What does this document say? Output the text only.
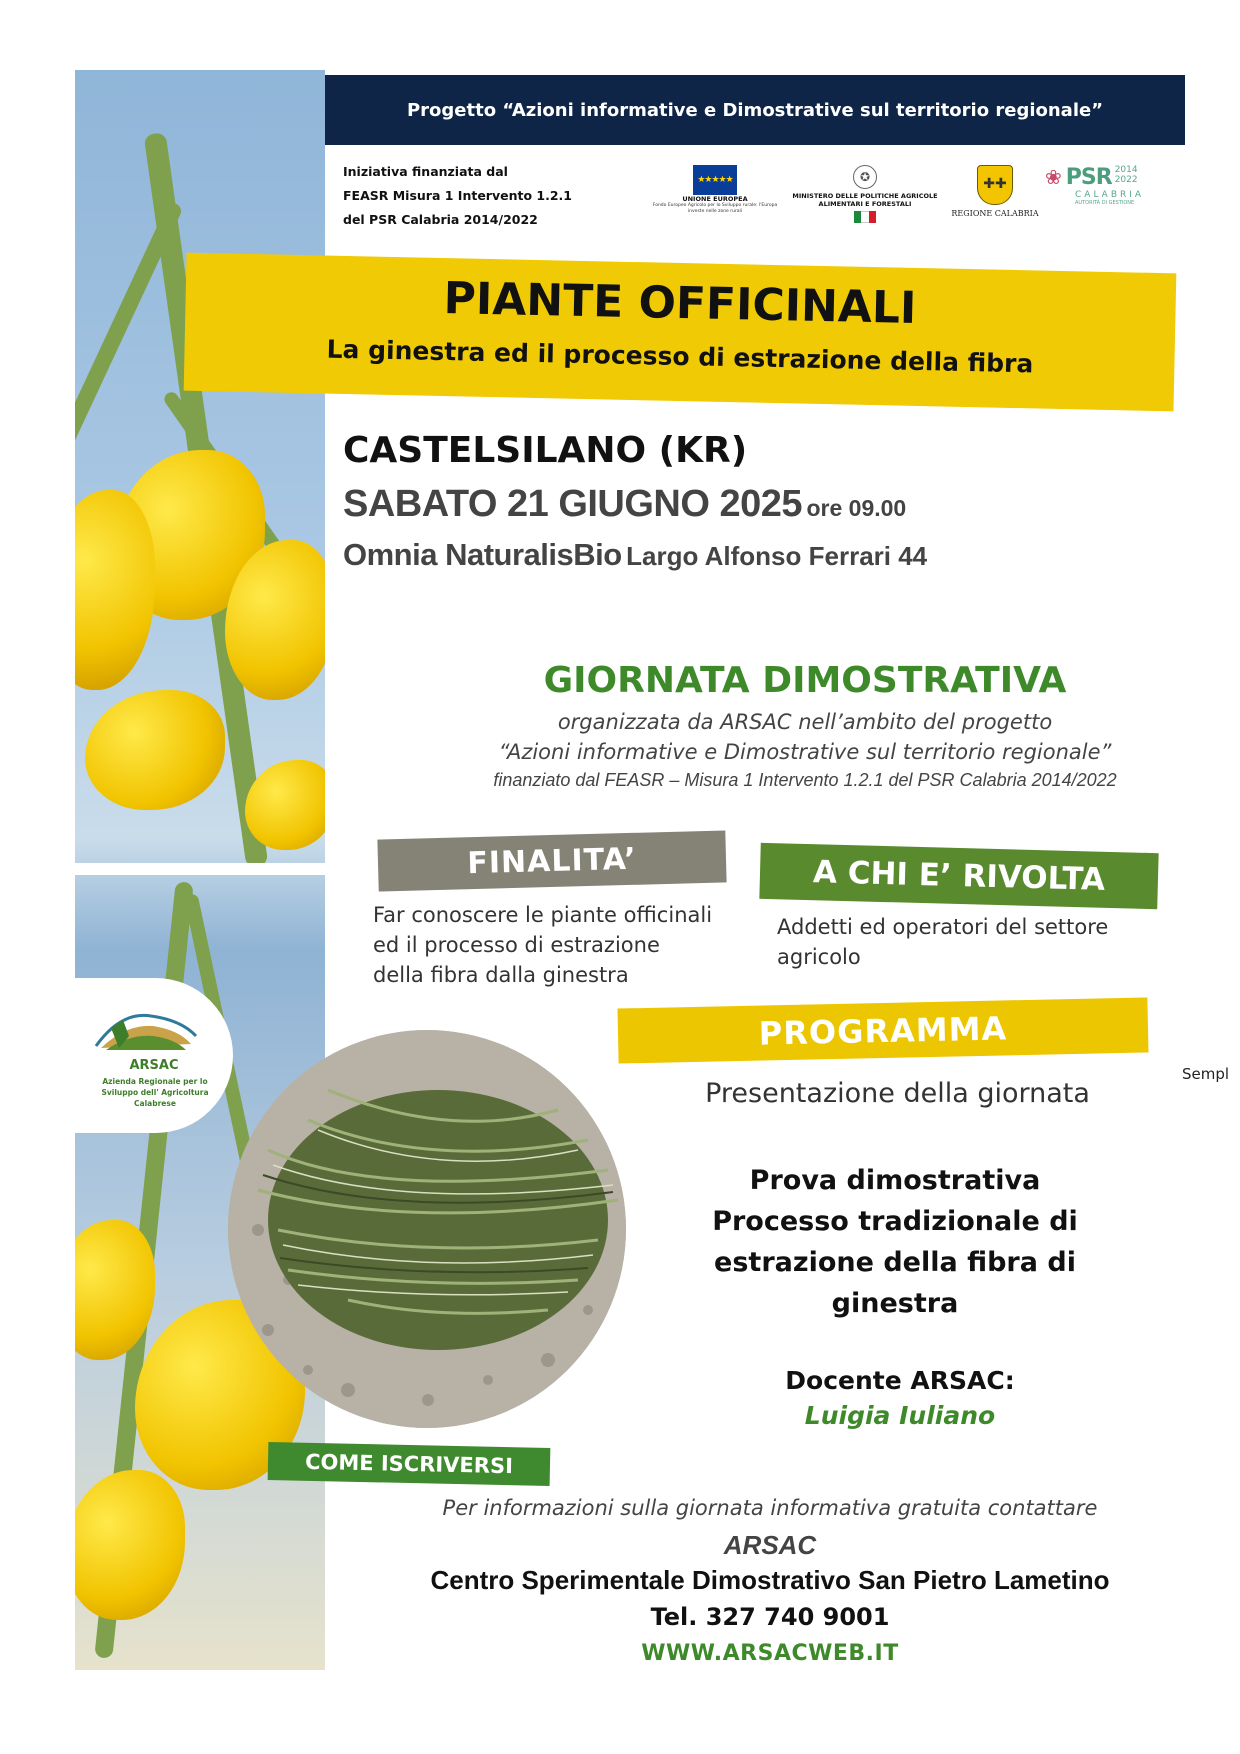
Progetto “Azioni informative e Dimostrative sul territorio regionale”
Iniziativa finanziata dal
FEASR Misura 1 Intervento 1.2.1
del PSR Calabria 2014/2022
★★★★★
UNIONE EUROPEA
Fondo Europeo Agricolo per lo Sviluppo rurale: l'Europa investe nelle zone rurali
✪
MINISTERO DELLE POLITICHE AGRICOLE ALIMENTARI E FORESTALI
✚✚
REGIONE CALABRIA
❀ PSR 2014 2022
CALABRIA
AUTORITÀ DI GESTIONE
PIANTE OFFICINALI
La ginestra ed il processo di estrazione della fibra
CASTELSILANO (KR)
SABATO 21 GIUGNO 2025 ore 09.00
Omnia NaturalisBio Largo Alfonso Ferrari 44
GIORNATA DIMOSTRATIVA
organizzata da ARSAC nell’ambito del progetto
“Azioni informative e Dimostrative sul territorio regionale”
finanziato dal FEASR – Misura 1 Intervento 1.2.1 del PSR Calabria 2014/2022
FINALITA’	A CHI E’ RIVOLTA
Far conoscere le piante officinali ed il processo di estrazione della fibra dalla ginestra
Addetti ed operatori del settore agricolo
PROGRAMMA
Sempl
Presentazione della giornata
Prova dimostrativa
Processo tradizionale di
estrazione della fibra di
ginestra
Docente ARSAC:
Luigia Iuliano
ARSAC
Azienda Regionale per lo Sviluppo dell' Agricoltura Calabrese
COME ISCRIVERSI
Per informazioni sulla giornata informativa gratuita contattare
ARSAC
Centro Sperimentale Dimostrativo San Pietro Lametino
Tel. 327 740 9001
WWW.ARSACWEB.IT
